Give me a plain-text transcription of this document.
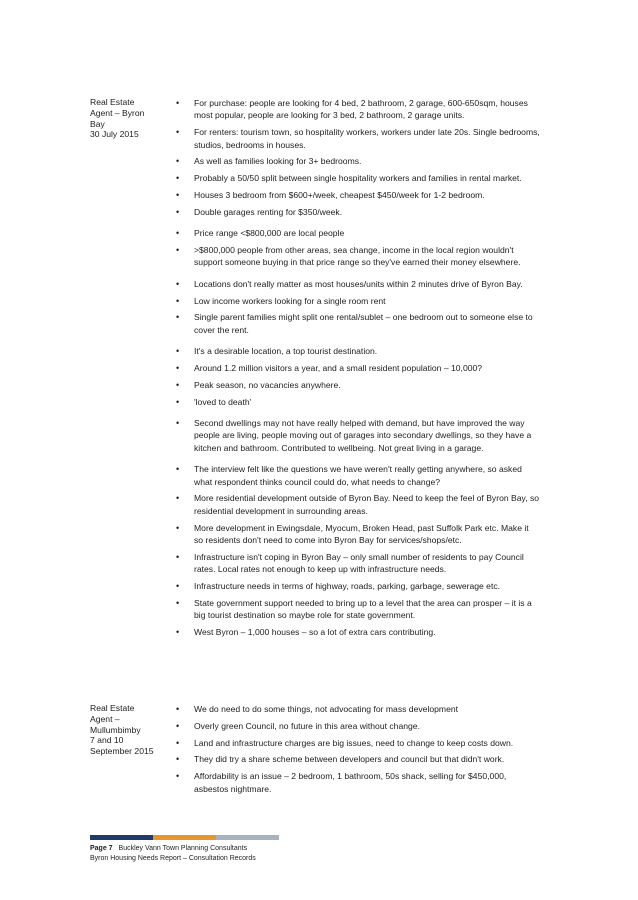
Real Estate
Agent – Byron
Bay
30 July 2015
• For purchase: people are looking for 4 bed, 2 bathroom, 2 garage, 600-650sqm, houses most popular, people are looking for 3 bed, 2 bathroom, 2 garage units.
• For renters: tourism town, so hospitality workers, workers under late 20s. Single bedrooms, studios, bedrooms in houses.
• As well as families looking for 3+ bedrooms.
• Probably a 50/50 split between single hospitality workers and families in rental market.
• Houses 3 bedroom from $600+/week, cheapest $450/week for 1-2 bedroom.
• Double garages renting for $350/week.
• Price range <$800,000 are local people
• >$800,000 people from other areas, sea change, income in the local region wouldn't support someone buying in that price range so they've earned their money elsewhere.
• Locations don't really matter as most houses/units within 2 minutes drive of Byron Bay.
• Low income workers looking for a single room rent
• Single parent families might split one rental/sublet – one bedroom out to someone else to cover the rent.
• It's a desirable location, a top tourist destination.
• Around 1.2 million visitors a year, and a small resident population – 10,000?
• Peak season, no vacancies anywhere.
• 'loved to death'
• Second dwellings may not have really helped with demand, but have improved the way people are living, people moving out of garages into secondary dwellings, so they have a kitchen and bathroom. Contributed to wellbeing. Not great living in a garage.
• The interview felt like the questions we have weren't really getting anywhere, so asked what respondent thinks council could do, what needs to change?
• More residential development outside of Byron Bay. Need to keep the feel of Byron Bay, so residential development in surrounding areas.
• More development in Ewingsdale, Myocum, Broken Head, past Suffolk Park etc. Make it so residents don't need to come into Byron Bay for services/shops/etc.
• Infrastructure isn't coping in Byron Bay – only small number of residents to pay Council rates. Local rates not enough to keep up with infrastructure needs.
• Infrastructure needs in terms of highway, roads, parking, garbage, sewerage etc.
• State government support needed to bring up to a level that the area can prosper – it is a big tourist destination so maybe role for state government.
• West Byron – 1,000 houses – so a lot of extra cars contributing.
Real Estate
Agent –
Mullumbimby
7 and 10
September 2015
• We do need to do some things, not advocating for mass development
• Overly green Council, no future in this area without change.
• Land and infrastructure charges are big issues, need to change to keep costs down.
• They did try a share scheme between developers and council but that didn't work.
• Affordability is an issue – 2 bedroom, 1 bathroom, 50s shack, selling for $450,000, asbestos nightmare.
Page 7 Buckley Vann Town Planning Consultants
Byron Housing Needs Report – Consultation Records
